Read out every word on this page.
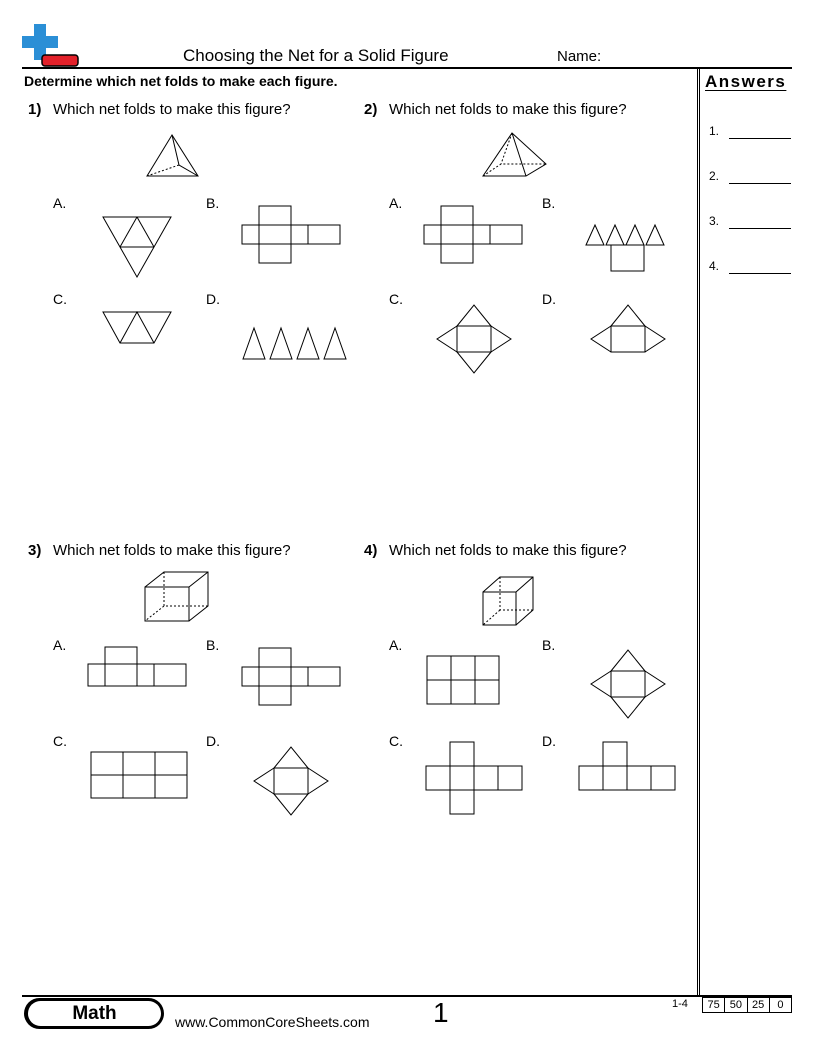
Choosing the Net for a Solid Figure	Name:
Determine which net folds to make each figure.	Answers
1.
2.
3.
4.
1) Which net folds to make this figure?
A.	B.
C.	D.
2) Which net folds to make this figure?
A.	B.
C.	D.
3) Which net folds to make this figure?
A.	B.
C.	D.
4) Which net folds to make this figure?
A.	B.
C.	D.
Math	www.CommonCoreSheets.com 1	1-4	75 50 25	0
